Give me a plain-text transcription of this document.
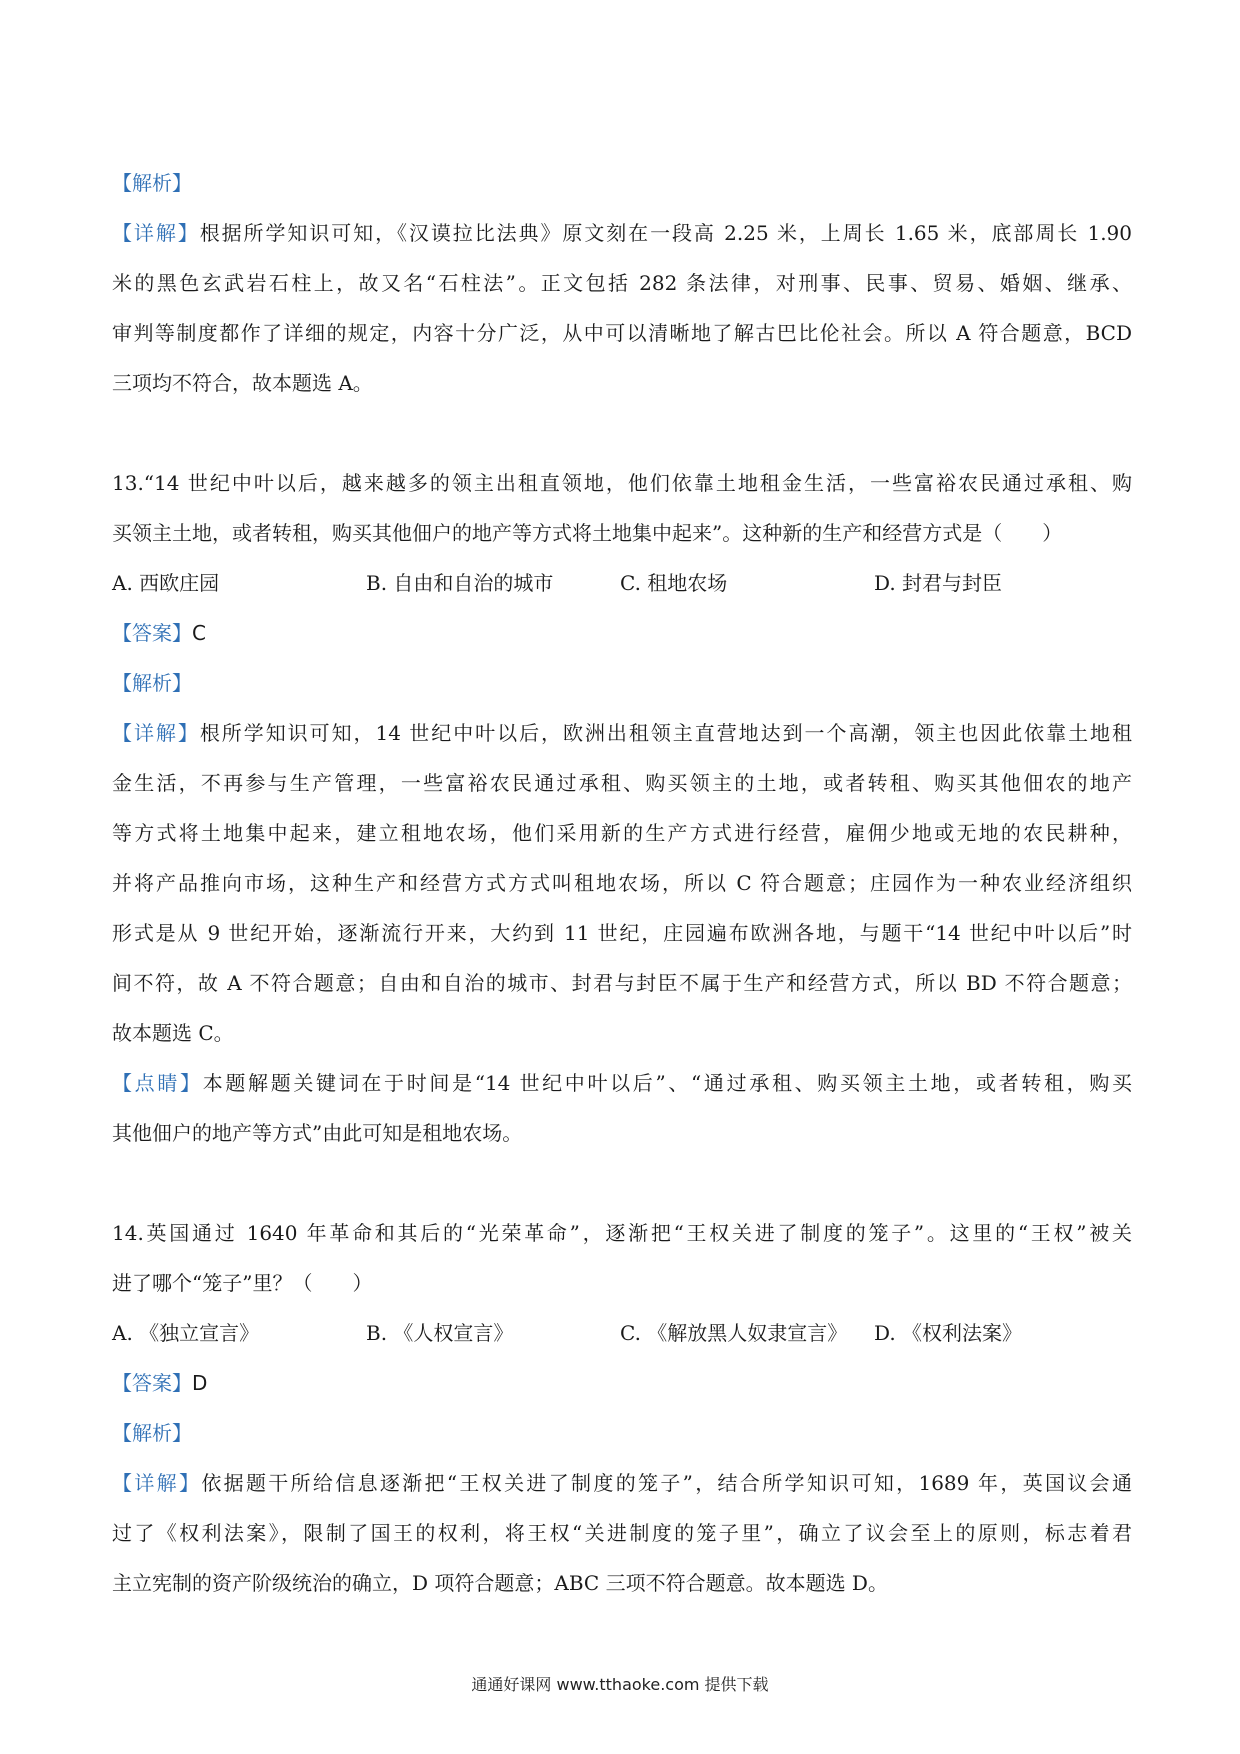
【解析】
【详解】根据所学知识可知，《汉谟拉比法典》原文刻在一段高 2.25 米，上周长 1.65 米，底部周长 1.90
米的黑色玄武岩石柱上，故又名“石柱法”。正文包括 282 条法律，对刑事、民事、贸易、婚姻、继承、
审判等制度都作了详细的规定，内容十分广泛，从中可以清晰地了解古巴比伦社会。所以 A 符合题意，BCD
三项均不符合，故本题选 A。
13.“14 世纪中叶以后，越来越多的领主出租直领地，他们依靠土地租金生活，一些富裕农民通过承租、购
买领主土地，或者转租，购买其他佃户的地产等方式将土地集中起来”。这种新的生产和经营方式是（　　）
A. 西欧庄园	B. 自由和自治的城市	C. 租地农场	D. 封君与封臣
【答案】C
【解析】
【详解】根所学知识可知，14 世纪中叶以后，欧洲出租领主直营地达到一个高潮，领主也因此依靠土地租
金生活，不再参与生产管理，一些富裕农民通过承租、购买领主的土地，或者转租、购买其他佃农的地产
等方式将土地集中起来，建立租地农场，他们采用新的生产方式进行经营，雇佣少地或无地的农民耕种，
并将产品推向市场，这种生产和经营方式方式叫租地农场，所以 C 符合题意；庄园作为一种农业经济组织
形式是从 9 世纪开始，逐渐流行开来，大约到 11 世纪，庄园遍布欧洲各地，与题干“14 世纪中叶以后”时
间不符，故 A 不符合题意；自由和自治的城市、封君与封臣不属于生产和经营方式，所以 BD 不符合题意；
故本题选 C。
【点睛】本题解题关键词在于时间是“14 世纪中叶以后”、“通过承租、购买领主土地，或者转租，购买
其他佃户的地产等方式”由此可知是租地农场。
14.英国通过 1640 年革命和其后的“光荣革命”，逐渐把“王权关进了制度的笼子”。这里的“王权”被关
进了哪个“笼子”里？（　　）
A. 《独立宣言》	B. 《人权宣言》	C. 《解放黑人奴隶宣言》 D. 《权利法案》
【答案】D
【解析】
【详解】依据题干所给信息逐渐把“王权关进了制度的笼子”，结合所学知识可知，1689 年，英国议会通
过了《权利法案》，限制了国王的权利，将王权“关进制度的笼子里”，确立了议会至上的原则，标志着君
主立宪制的资产阶级统治的确立，D 项符合题意；ABC 三项不符合题意。故本题选 D。
通通好课网 www.tthaoke.com 提供下载
